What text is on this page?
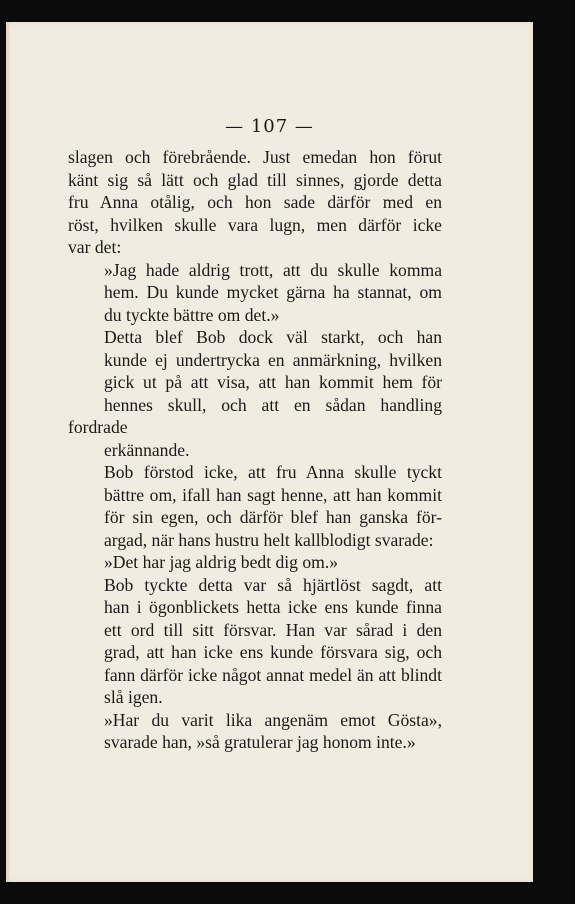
— 107 —

slagen och förebrående. Just emedan hon förut
känt sig så lätt och glad till sinnes, gjorde detta
fru Anna otålig, och hon sade därför med en
röst, hvilken skulle vara lugn, men därför icke
var det:

»Jag hade aldrig trott, att du skulle komma
hem. Du kunde mycket gärna ha stannat, om
du tyckte bättre om det.»

Detta blef Bob dock väl starkt, och han
kunde ej undertrycka en anmärkning, hvilken
gick ut på att visa, att han kommit hem för
hennes skull, och att en sådan handling fordrade
erkännande.

Bob förstod icke, att fru Anna skulle tyckt
bättre om, ifall han sagt henne, att han kommit
för sin egen, och därför blef han ganska för-
argad, när hans hustru helt kallblodigt svarade:

»Det har jag aldrig bedt dig om.»

Bob tyckte detta var så hjärtlöst sagdt, att
han i ögonblickets hetta icke ens kunde finna
ett ord till sitt försvar. Han var sårad i den
grad, att han icke ens kunde försvara sig, och
fann därför icke något annat medel än att blindt
slå igen.

»Har du varit lika angenäm emot Gösta»,
svarade han, »så gratulerar jag honom inte.»
